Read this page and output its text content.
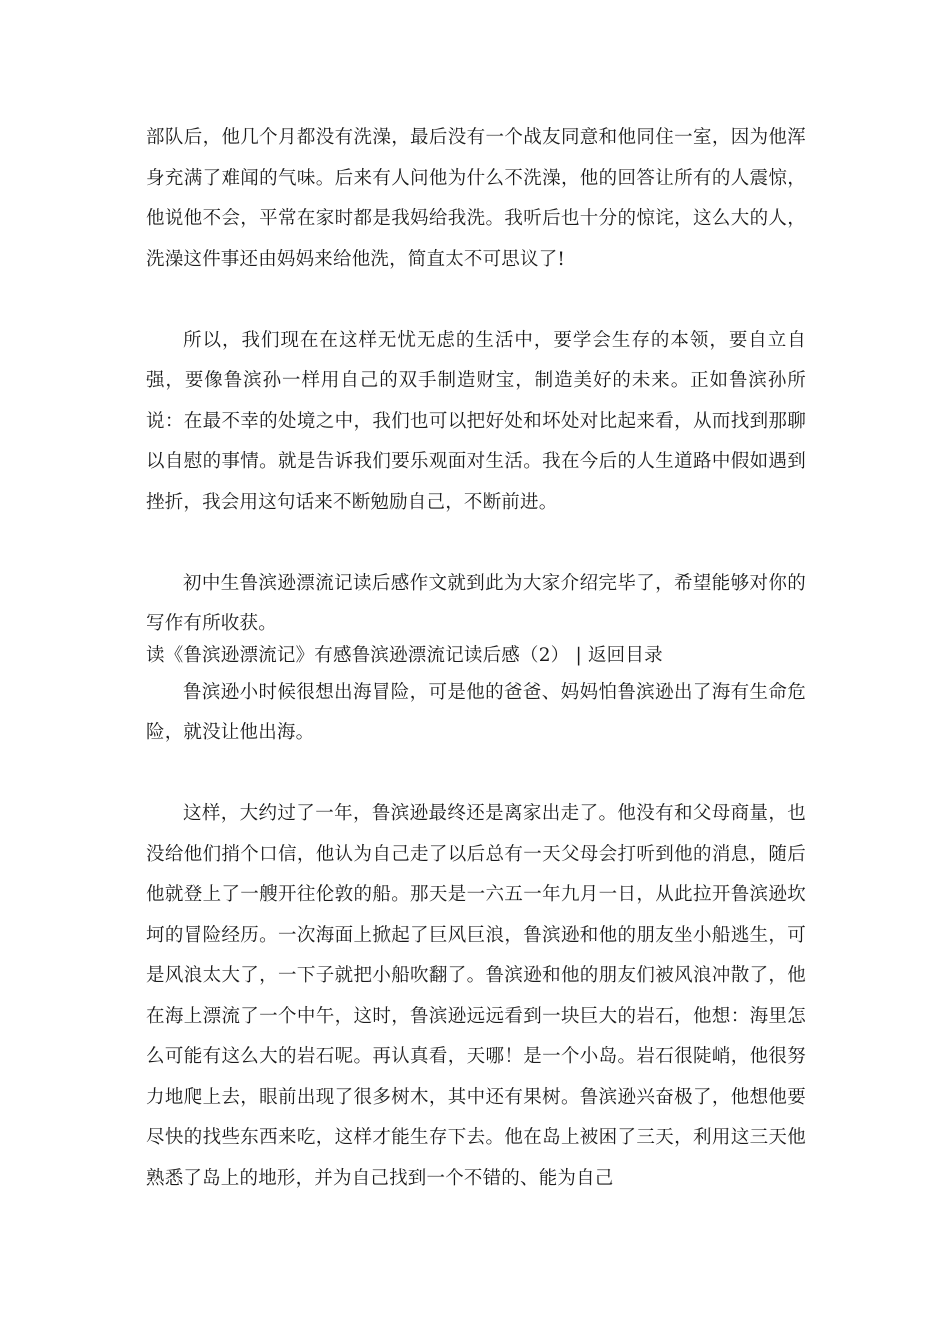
部队后，他几个月都没有洗澡，最后没有一个战友同意和他同住一室，因为他浑身充满了难闻的气味。后来有人问他为什么不洗澡，他的回答让所有的人震惊，他说他不会，平常在家时都是我妈给我洗。我听后也十分的惊诧，这么大的人，洗澡这件事还由妈妈来给他洗，简直太不可思议了!

所以，我们现在在这样无忧无虑的生活中，要学会生存的本领，要自立自强，要像鲁滨孙一样用自己的双手制造财宝，制造美好的未来。正如鲁滨孙所说：在最不幸的处境之中，我们也可以把好处和坏处对比起来看，从而找到那聊以自慰的事情。就是告诉我们要乐观面对生活。我在今后的人生道路中假如遇到挫折，我会用这句话来不断勉励自己，不断前进。

初中生鲁滨逊漂流记读后感作文就到此为大家介绍完毕了，希望能够对你的写作有所收获。

读《鲁滨逊漂流记》有感鲁滨逊漂流记读后感（2） | 返回目录

鲁滨逊小时候很想出海冒险，可是他的爸爸、妈妈怕鲁滨逊出了海有生命危险，就没让他出海。

这样，大约过了一年，鲁滨逊最终还是离家出走了。他没有和父母商量，也没给他们捎个口信，他认为自己走了以后总有一天父母会打听到他的消息，随后他就登上了一艘开往伦敦的船。那天是一六五一年九月一日，从此拉开鲁滨逊坎坷的冒险经历。一次海面上掀起了巨风巨浪，鲁滨逊和他的朋友坐小船逃生，可是风浪太大了，一下子就把小船吹翻了。鲁滨逊和他的朋友们被风浪冲散了，他在海上漂流了一个中午，这时，鲁滨逊远远看到一块巨大的岩石，他想：海里怎么可能有这么大的岩石呢。再认真看，天哪！是一个小岛。岩石很陡峭，他很努力地爬上去，眼前出现了很多树木，其中还有果树。鲁滨逊兴奋极了，他想他要尽快的找些东西来吃，这样才能生存下去。他在岛上被困了三天，利用这三天他熟悉了岛上的地形，并为自己找到一个不错的、能为自己
